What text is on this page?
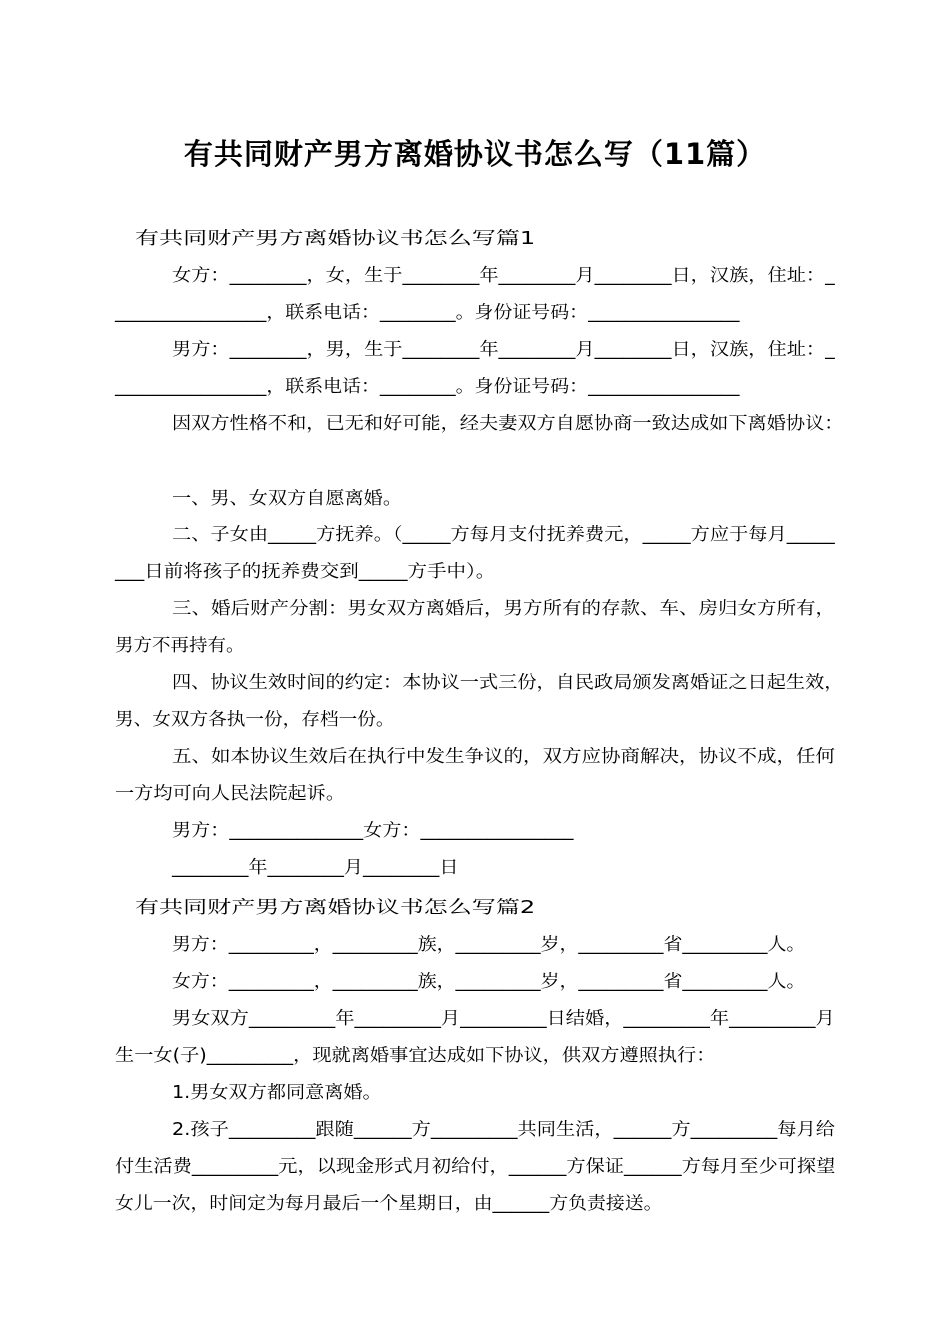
有共同财产男方离婚协议书怎么写（11篇）
有共同财产男方离婚协议书怎么写篇1
女方：________，女，生于________年________月________日，汉族，住址：_
________________，联系电话：________。身份证号码：________________
男方：________，男，生于________年________月________日，汉族，住址：_
________________，联系电话：________。身份证号码：________________
因双方性格不和，已无和好可能，经夫妻双方自愿协商一致达成如下离婚协议：
一、男、女双方自愿离婚。
二、子女由_____方抚养。（_____方每月支付抚养费元，_____方应于每月_____
___日前将孩子的抚养费交到_____方手中）。
三、婚后财产分割：男女双方离婚后，男方所有的存款、车、房归女方所有，
男方不再持有。
四、协议生效时间的约定：本协议一式三份，自民政局颁发离婚证之日起生效，
男、女双方各执一份，存档一份。
五、如本协议生效后在执行中发生争议的，双方应协商解决，协议不成，任何
一方均可向人民法院起诉。
男方：______________女方：________________
________年________月________日
有共同财产男方离婚协议书怎么写篇2
男方：_________，_________族，_________岁，_________省_________人。
女方：_________，_________族，_________岁，_________省_________人。
男女双方_________年_________月_________日结婚，_________年_________月
生一女(子)_________，现就离婚事宜达成如下协议，供双方遵照执行：
1.男女双方都同意离婚。
2.孩子_________跟随______方_________共同生活，______方_________每月给
付生活费_________元，以现金形式月初给付，______方保证______方每月至少可探望
女儿一次，时间定为每月最后一个星期日，由______方负责接送。
